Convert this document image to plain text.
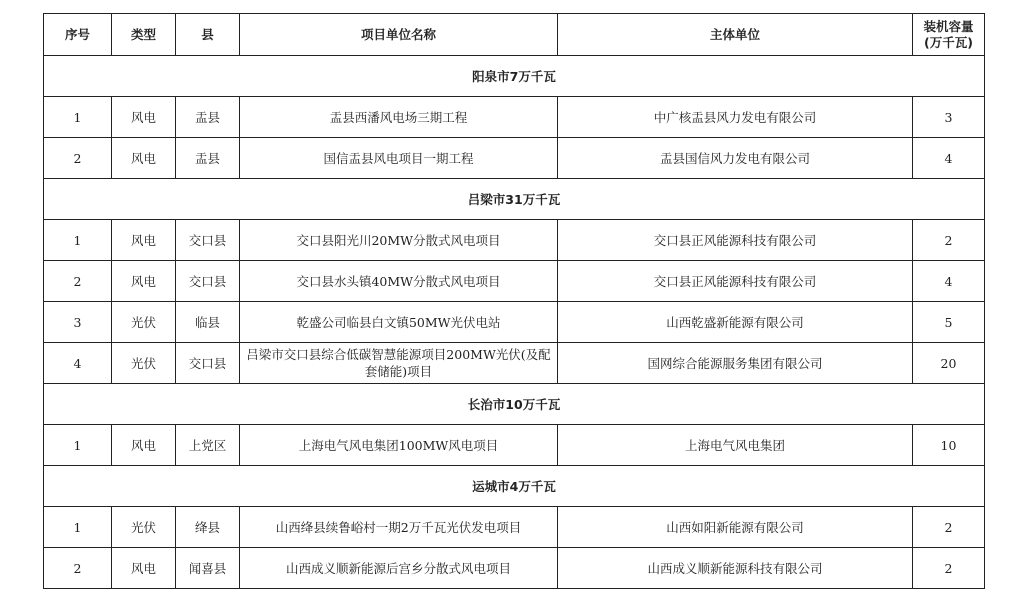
序号	类型	县	项目单位名称	主体单位	装机容量
(万千瓦)
阳泉市7万千瓦					
1	风电	盂县	盂县西潘风电场三期工程	中广核盂县风力发电有限公司	3
2	风电	盂县	国信盂县风电项目一期工程	盂县国信风力发电有限公司	4
吕梁市31万千瓦					
1	风电	交口县	交口县阳光川20MW分散式风电项目	交口县正风能源科技有限公司	2
2	风电	交口县	交口县水头镇40MW分散式风电项目	交口县正风能源科技有限公司	4
3	光伏	临县	乾盛公司临县白文镇50MW光伏电站	山西乾盛新能源有限公司	5
4	光伏	交口县	吕梁市交口县综合低碳智慧能源项目200MW光伏(及配套储能)项目	国网综合能源服务集团有限公司	20
长治市10万千瓦					
1	风电	上党区	上海电气风电集团100MW风电项目	上海电气风电集团	10
运城市4万千瓦					
1	光伏	绛县	山西绛县续鲁峪村一期2万千瓦光伏发电项目	山西如阳新能源有限公司	2
2	风电	闻喜县	山西成义顺新能源后宫乡分散式风电项目	山西成义顺新能源科技有限公司	2
